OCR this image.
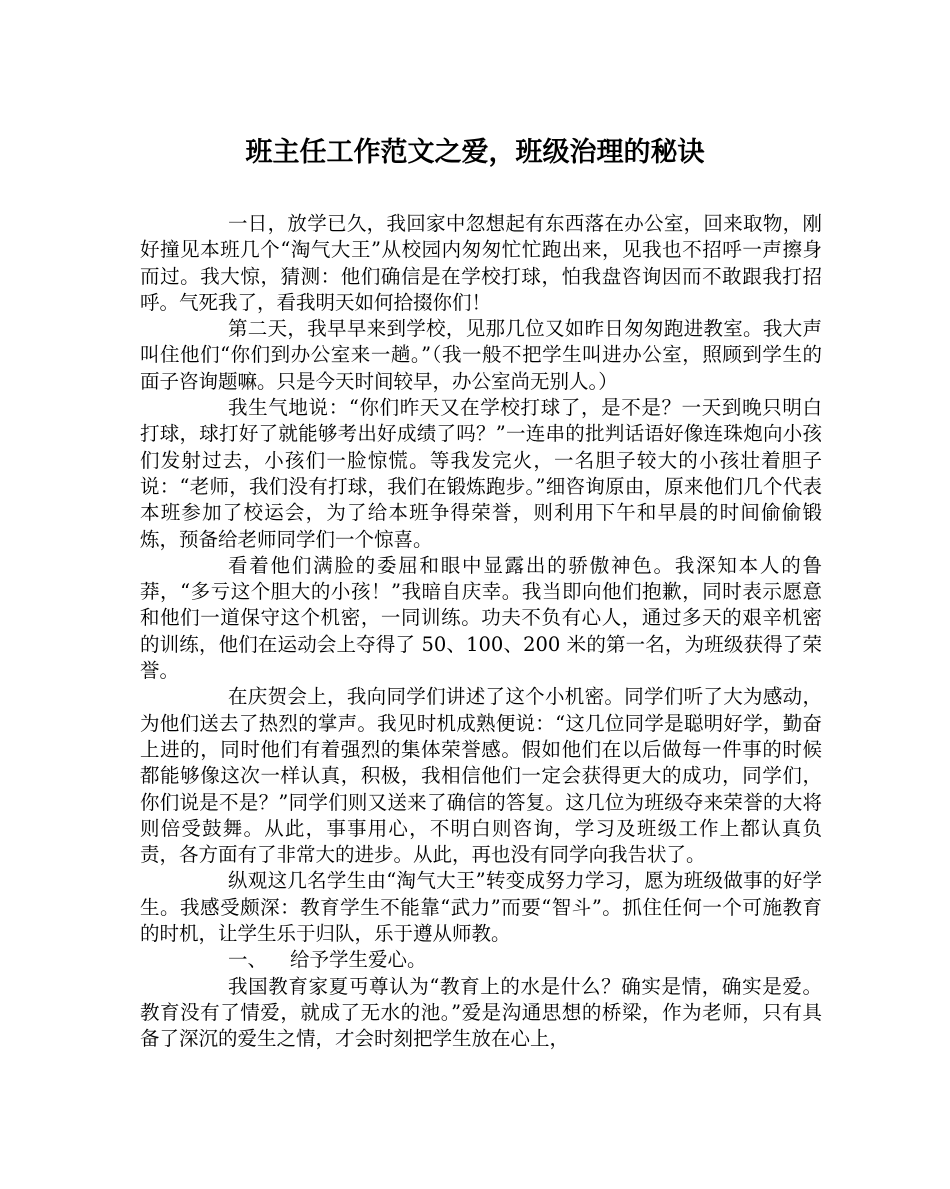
班主任工作范文之爱，班级治理的秘诀

一日，放学已久，我回家中忽想起有东西落在办公室，回来取物，刚好撞见本班几个“淘气大王”从校园内匆匆忙忙跑出来，见我也不招呼一声擦身而过。我大惊，猜测：他们确信是在学校打球，怕我盘咨询因而不敢跟我打招呼。气死我了，看我明天如何拾掇你们！

第二天，我早早来到学校，见那几位又如昨日匆匆跑进教室。我大声叫住他们“你们到办公室来一趟。”（我一般不把学生叫进办公室，照顾到学生的面子咨询题嘛。只是今天时间较早，办公室尚无别人。）

我生气地说：“你们昨天又在学校打球了，是不是？一天到晚只明白打球，球打好了就能够考出好成绩了吗？”一连串的批判话语好像连珠炮向小孩们发射过去，小孩们一脸惊慌。等我发完火，一名胆子较大的小孩壮着胆子说：“老师，我们没有打球，我们在锻炼跑步。”细咨询原由，原来他们几个代表本班参加了校运会，为了给本班争得荣誉，则利用下午和早晨的时间偷偷锻炼，预备给老师同学们一个惊喜。

看着他们满脸的委屈和眼中显露出的骄傲神色。我深知本人的鲁莽，“多亏这个胆大的小孩！”我暗自庆幸。我当即向他们抱歉，同时表示愿意和他们一道保守这个机密，一同训练。功夫不负有心人，通过多天的艰辛机密的训练，他们在运动会上夺得了 50、100、200 米的第一名，为班级获得了荣誉。

在庆贺会上，我向同学们讲述了这个小机密。同学们听了大为感动，为他们送去了热烈的掌声。我见时机成熟便说：“这几位同学是聪明好学，勤奋上进的，同时他们有着强烈的集体荣誉感。假如他们在以后做每一件事的时候都能够像这次一样认真，积极，我相信他们一定会获得更大的成功，同学们，你们说是不是？”同学们则又送来了确信的答复。这几位为班级夺来荣誉的大将则倍受鼓舞。从此，事事用心，不明白则咨询，学习及班级工作上都认真负责，各方面有了非常大的进步。从此，再也没有同学向我告状了。

纵观这几名学生由“淘气大王”转变成努力学习，愿为班级做事的好学生。我感受颇深：教育学生不能靠“武力”而要“智斗”。抓住任何一个可施教育的时机，让学生乐于归队，乐于遵从师教。

一、 给予学生爱心。

我国教育家夏丏尊认为“教育上的水是什么？确实是情，确实是爱。教育没有了情爱，就成了无水的池。”爱是沟通思想的桥梁，作为老师，只有具备了深沉的爱生之情，才会时刻把学生放在心上，
